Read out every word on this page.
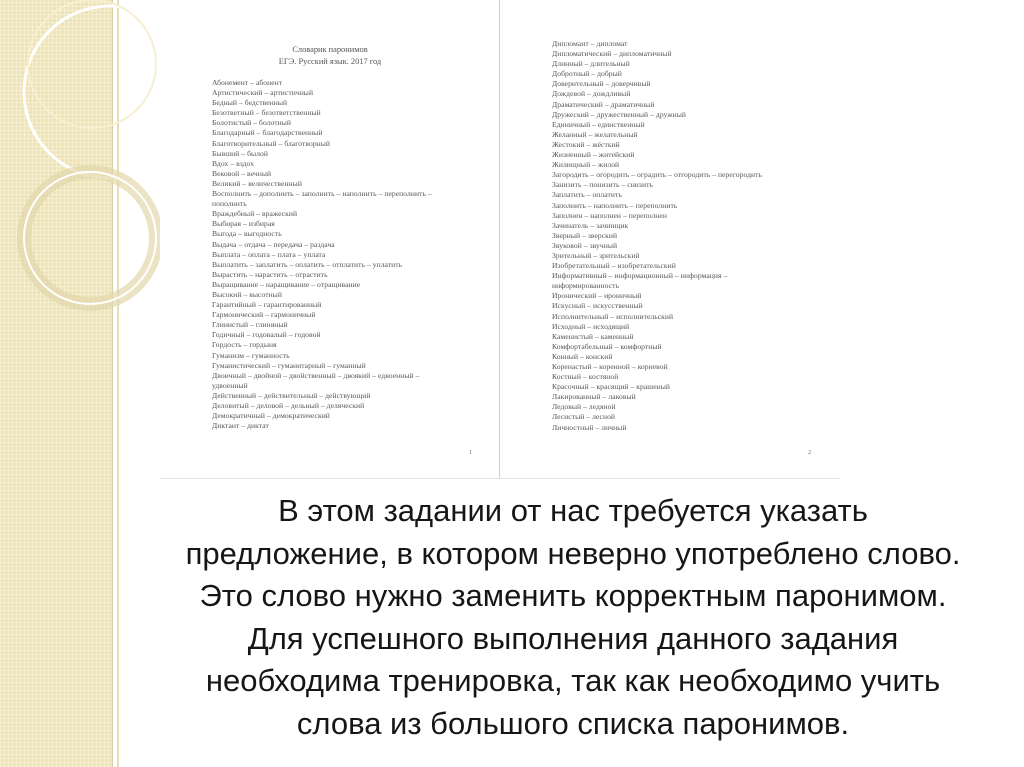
Словарик паронимов
ЕГЭ. Русский язык. 2017 год
Абонемент – абонент
Артистический – артистичный
Бедный – бедственный
Безответный – безответственный
Болотистый – болотный
Благодарный – благодарственный
Благотворительный – благотворный
Бывший – былой
Вдох – вздох
Вековой – вечный
Великий – величественный
Восполнить – дополнить – заполнить – наполнить – переполнить –
пополнить
Враждебный – вражеский
Выбирая – избирая
Выгода – выгодность
Выдача – отдача – передача – раздача
Выплата – оплата – плата – уплата
Выплатить – заплатить – оплатить – отплатить – уплатить
Вырастить – нарастить – отрастить
Выращивание – наращивание – отращивание
Высокий – высотный
Гарантийный – гарантированный
Гармонический – гармоничный
Глинистый – глиняный
Годичный – годовалый – годовой
Гордость – гордыня
Гуманизм – гуманность
Гуманистический – гуманитарный – гуманный
Двоичный – двойной – двойственный – двоякий – едвоенный –
удвоенный
Действенный – действительный – действующий
Деловитый – деловой – дельный – деляческий
Демократичный – демократический
Диктант – диктат
Дипломант – дипломат
Дипломатический – дипломатичный
Длинный – длительный
Добротный – добрый
Доверительный – доверчивый
Дождевой – дождливый
Драматический – драматичный
Дружеский – дружественный – дружный
Единичный – единственный
Желанный – желательный
Жестокий – жёсткий
Жизненный – житейский
Жилищный – жилой
Загородить – огородить – оградить – отгородить – перегородить
Занизить – понизить – снизить
Заплатить – оплатить
Заполнить – наполнить – переполнить
Заполнен – наполнен – переполнен
Зачинатель – зачинщик
Зверный – зверский
Звуковой – звучный
Зрительный – зрительский
Изобретательный – изобретательский
Информативный – информационный – информация –
информированность
Иронический – ироничный
Искусный – искусственный
Исполнительный – исполнительский
Исходный – исходящий
Каменистый – каменный
Комфортабельный – комфортный
Конный – конский
Коренастый – коренной – корневой
Костный – костяной
Красочный – красящий – крашеный
Лакированный – лаковый
Ледовый – ледяной
Лесистый – лесной
Личностный – личный
1	2

В этом задании от нас требуется указать
предложение, в котором неверно употреблено слово.
Это слово нужно заменить корректным паронимом.
Для успешного выполнения данного задания
необходима тренировка, так как необходимо учить
слова из большого списка паронимов.
